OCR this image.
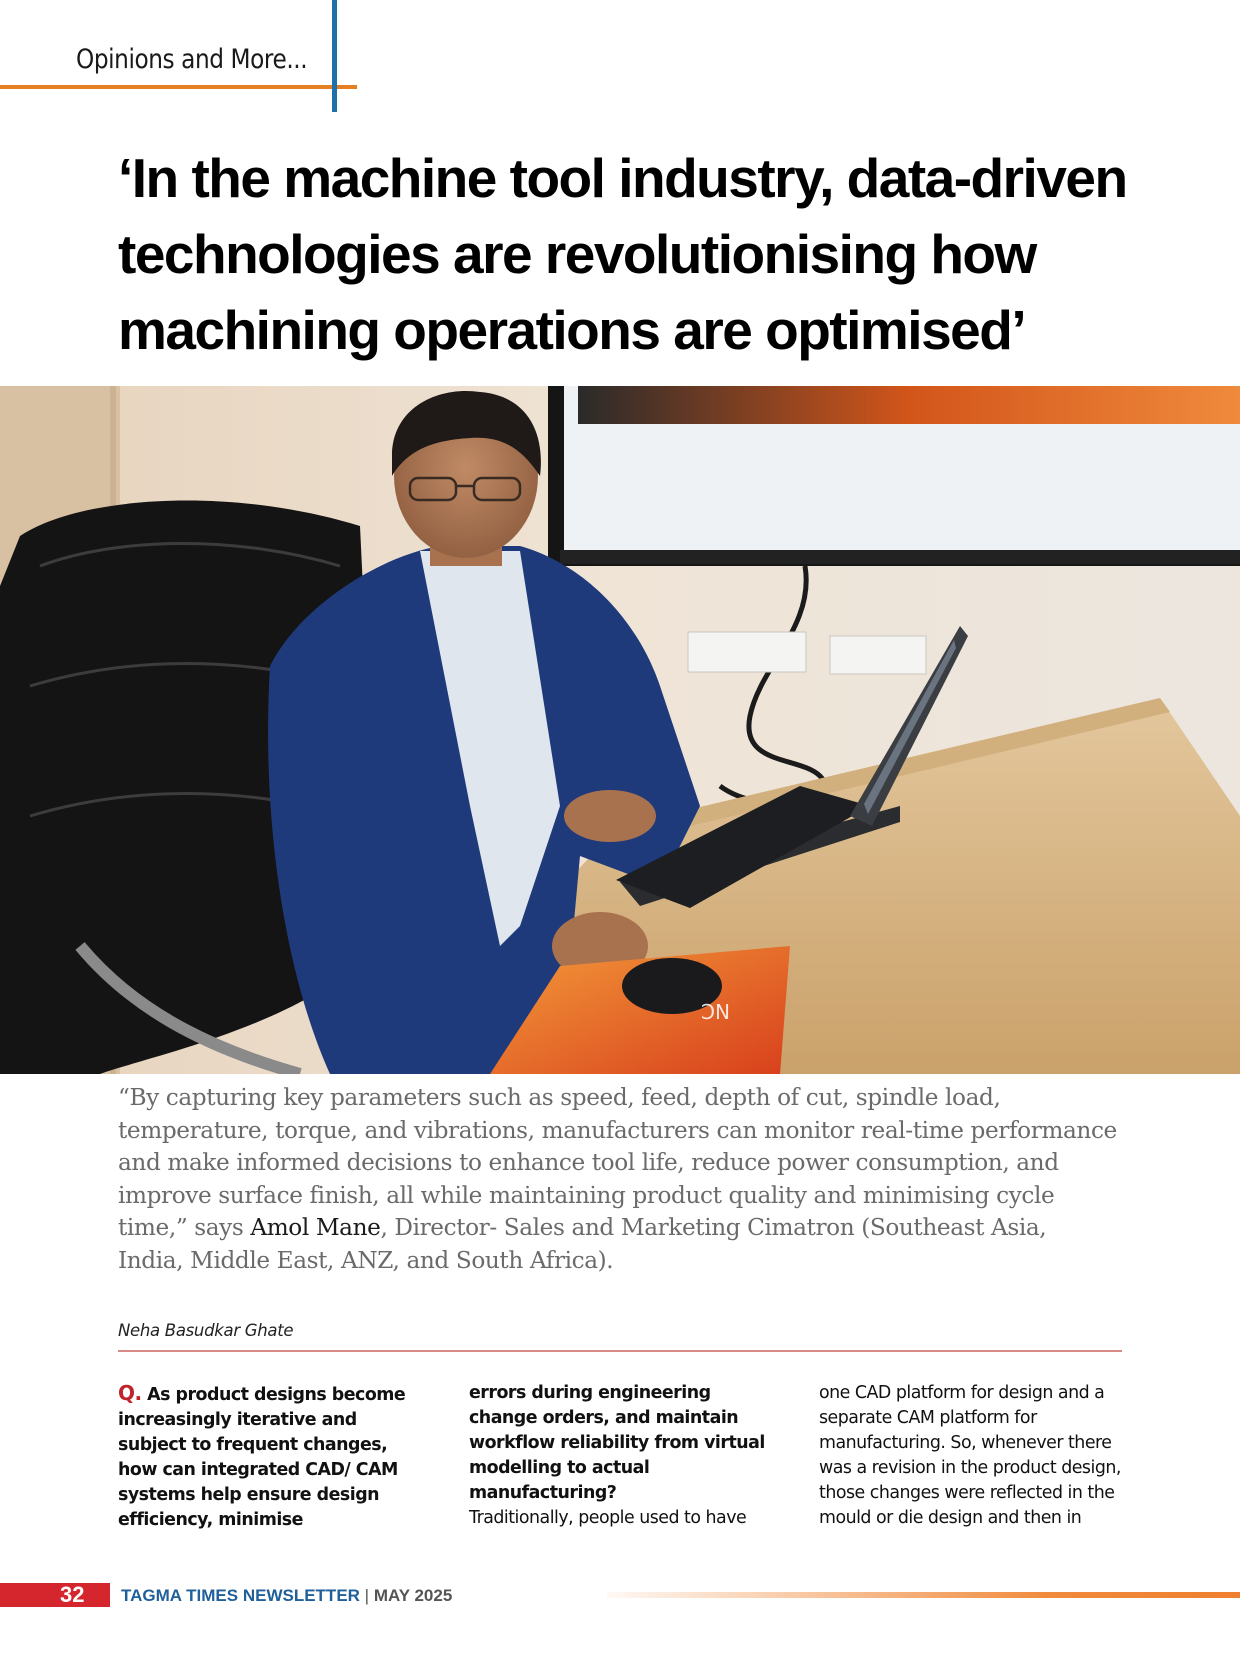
Opinions and More...
‘In the machine tool industry, data-driven technologies are revolutionising how machining operations are optimised’
NC

“By capturing key parameters such as speed, feed, depth of cut, spindle load, temperature, torque, and vibrations, manufacturers can monitor real-time performance and make informed decisions to enhance tool life, reduce power consumption, and improve surface finish, all while maintaining product quality and minimising cycle time,” says Amol Mane, Director- Sales and Marketing Cimatron (Southeast Asia, India, Middle East, ANZ, and South Africa).

Neha Basudkar Ghate

Q. As product designs become increasingly iterative and subject to frequent changes, how can integrated CAD/ CAM systems help ensure design efficiency, minimise

errors during engineering change orders, and maintain workflow reliability from virtual modelling to actual manufacturing?

Traditionally, people used to have

one CAD platform for design and a separate CAM platform for manufacturing. So, whenever there was a revision in the product design, those changes were reflected in the mould or die design and then in

32	TAGMA TIMES NEWSLETTER | MAY 2025
